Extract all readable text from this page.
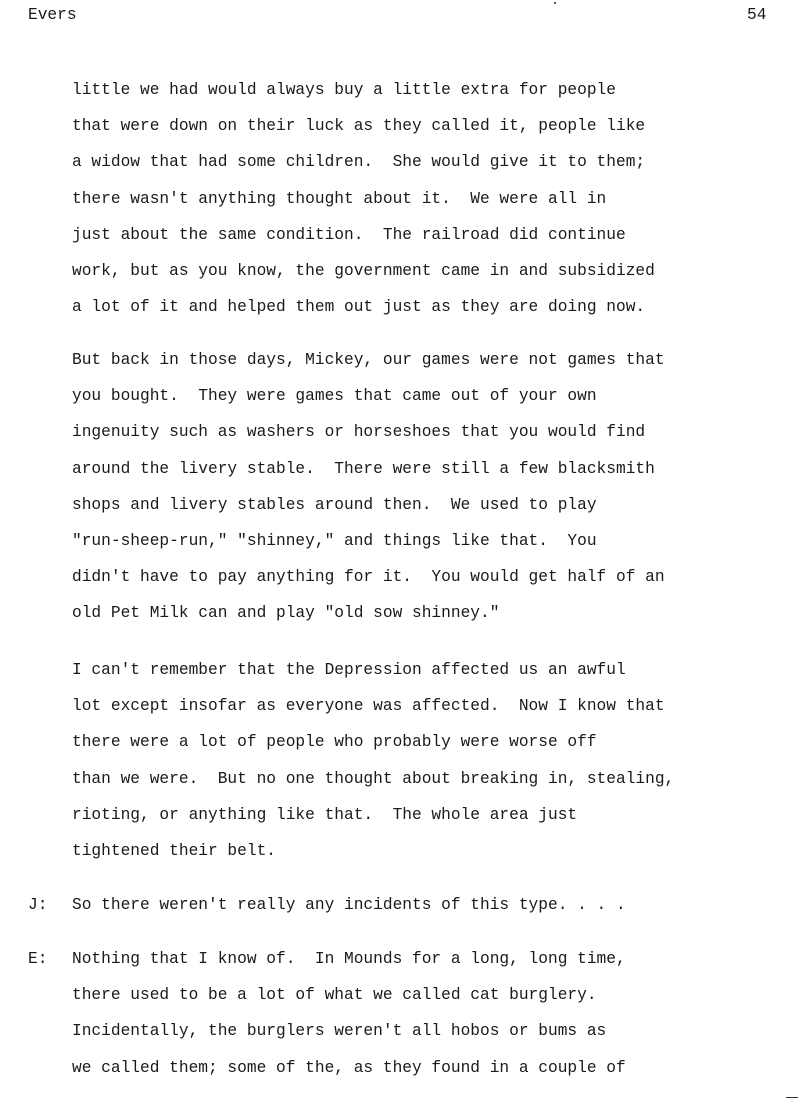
Evers	54
little we had would always buy a little extra for people
that were down on their luck as they called it, people like
a widow that had some children.  She would give it to them;
there wasn't anything thought about it.  We were all in
just about the same condition.  The railroad did continue
work, but as you know, the government came in and subsidized
a lot of it and helped them out just as they are doing now.
But back in those days, Mickey, our games were not games that
you bought.  They were games that came out of your own
ingenuity such as washers or horseshoes that you would find
around the livery stable.  There were still a few blacksmith
shops and livery stables around then.  We used to play
"run-sheep-run," "shinney," and things like that.  You
didn't have to pay anything for it.  You would get half of an
old Pet Milk can and play "old sow shinney."
I can't remember that the Depression affected us an awful
lot except insofar as everyone was affected.  Now I know that
there were a lot of people who probably were worse off
than we were.  But no one thought about breaking in, stealing,
rioting, or anything like that.  The whole area just
tightened their belt.
J: So there weren't really any incidents of this type. . . .
E: Nothing that I know of.  In Mounds for a long, long time,
there used to be a lot of what we called cat burglery.
Incidentally, the burglers weren't all hobos or bums as
we called them; some of the, as they found in a couple of
